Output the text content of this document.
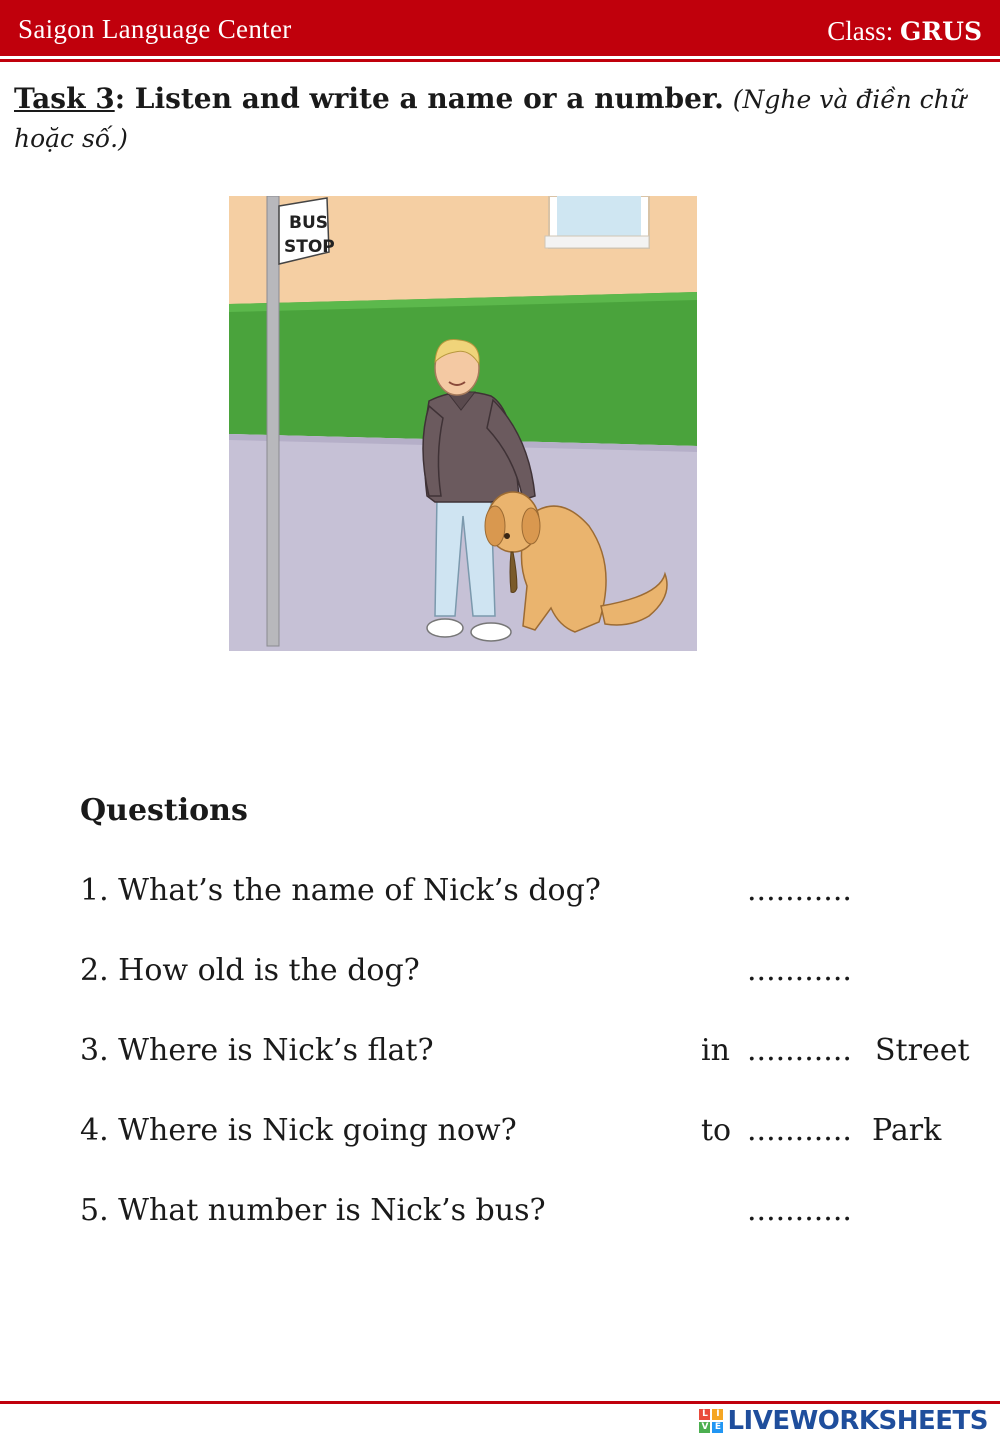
Saigon Language Center	Class: GRUS
Task 3: Listen and write a name or a number. (Nghe và điền chữ hoặc số.)
BUS
STOP
Questions
1. What’s the name of Nick’s dog?	...........
2. How old is the dog?	...........
3. Where is Nick’s flat?	in ........... Street
4. Where is Nick going now?	to ........... Park
5. What number is Nick’s bus?	...........
L I
V E LIVEWORKSHEETS
